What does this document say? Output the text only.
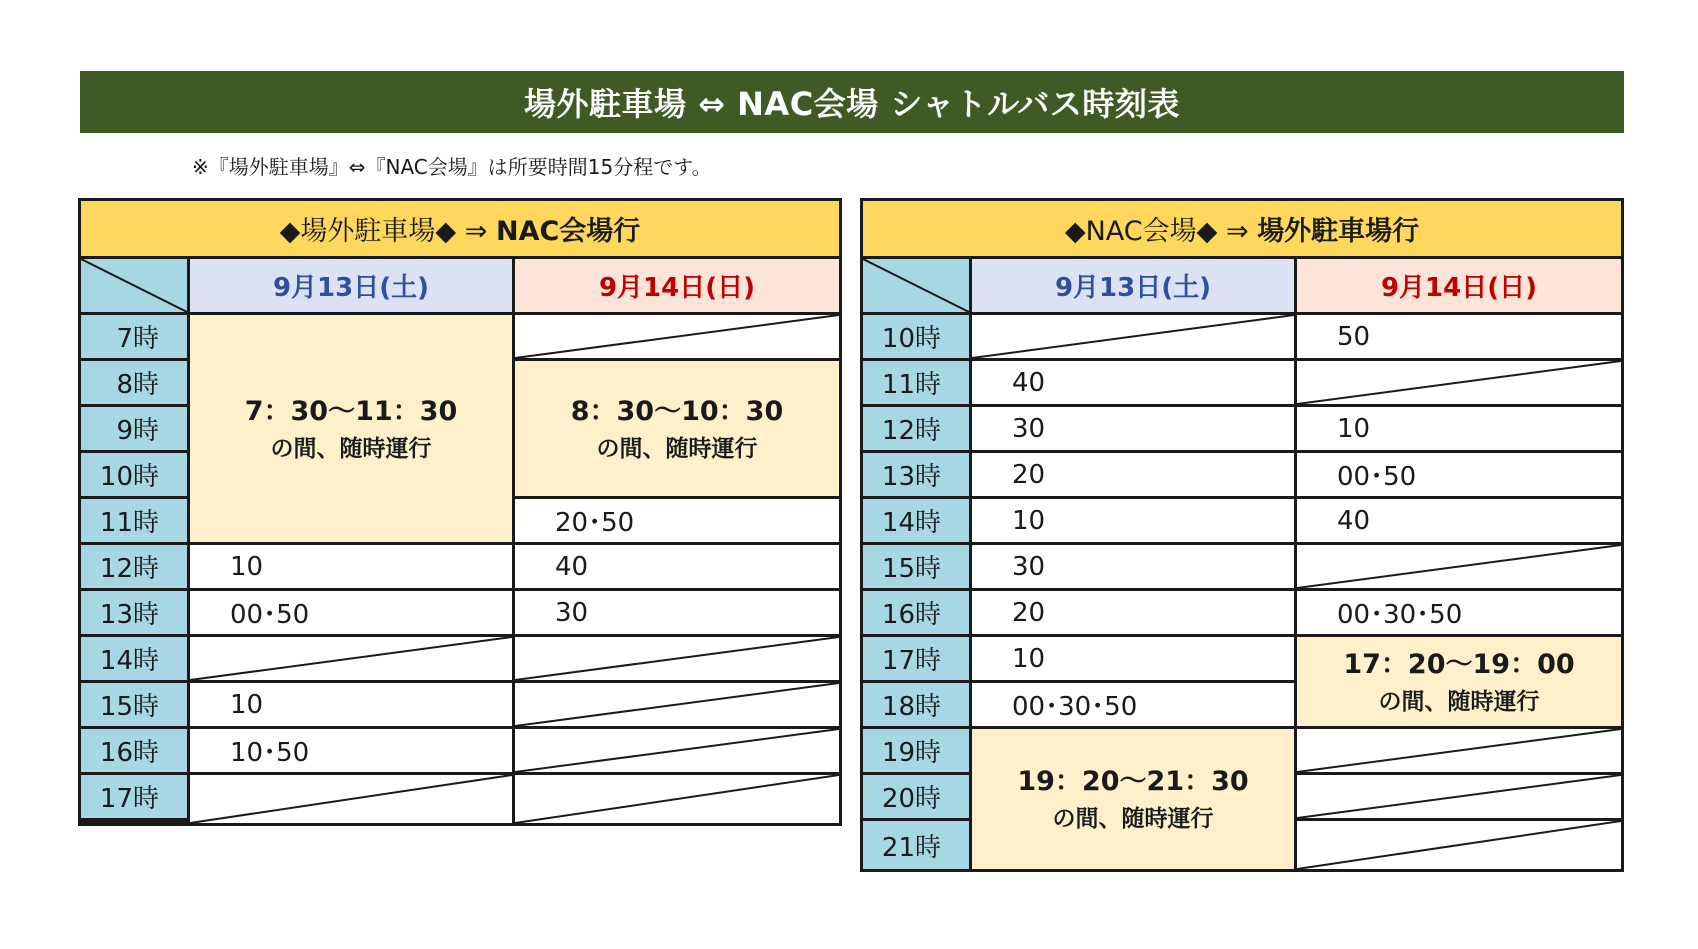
場外駐車場 ⇔ NAC会場 シャトルバス時刻表
※『場外駐車場』⇔『NAC会場』は所要時間15分程です。
◆場外駐車場◆ ⇒ NAC会場行
9月13日(土)	9月14日(日)
7時
8時
9時
10時
11時
12時
13時
14時
15時
16時
17時
7：30～11：30
の間、随時運行
10
00･50
10
10･50
8：30～10：30
の間、随時運行
20･50
40
30
◆NAC会場◆ ⇒ 場外駐車場行
9月13日(土)	9月14日(日)
10時
11時
12時
13時
14時
15時
16時
17時
18時
19時
20時
21時
40
30
20
10
30
20
10
00･30･50
19：20～21：30
の間、随時運行
50
10
00･50
40
00･30･50
17：20～19：00
の間、随時運行
